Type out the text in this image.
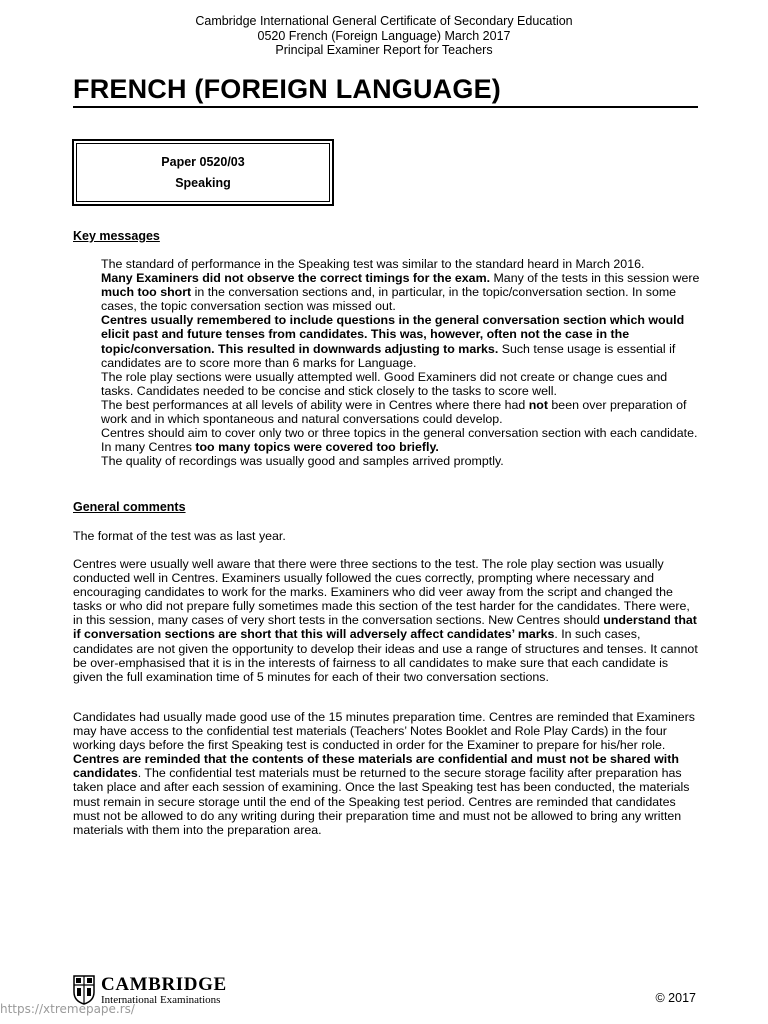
Cambridge International General Certificate of Secondary Education
0520 French (Foreign Language) March 2017
Principal Examiner Report for Teachers
FRENCH (FOREIGN LANGUAGE)
Paper 0520/03
Speaking
Key messages

The standard of performance in the Speaking test was similar to the standard heard in March 2016.

Many Examiners did not observe the correct timings for the exam. Many of the tests in this session were much too short in the conversation sections and, in particular, in the topic/conversation section. In some cases, the topic conversation section was missed out.

Centres usually remembered to include questions in the general conversation section which would elicit past and future tenses from candidates. This was, however, often not the case in the topic/conversation. This resulted in downwards adjusting to marks. Such tense usage is essential if candidates are to score more than 6 marks for Language.

The role play sections were usually attempted well. Good Examiners did not create or change cues and tasks. Candidates needed to be concise and stick closely to the tasks to score well.

The best performances at all levels of ability were in Centres where there had not been over preparation of work and in which spontaneous and natural conversations could develop.

Centres should aim to cover only two or three topics in the general conversation section with each candidate. In many Centres too many topics were covered too briefly.

The quality of recordings was usually good and samples arrived promptly.

General comments

The format of the test was as last year.

Centres were usually well aware that there were three sections to the test. The role play section was usually conducted well in Centres. Examiners usually followed the cues correctly, prompting where necessary and encouraging candidates to work for the marks. Examiners who did veer away from the script and changed the tasks or who did not prepare fully sometimes made this section of the test harder for the candidates. There were, in this session, many cases of very short tests in the conversation sections. New Centres should understand that if conversation sections are short that this will adversely affect candidates’ marks. In such cases, candidates are not given the opportunity to develop their ideas and use a range of structures and tenses. It cannot be over-emphasised that it is in the interests of fairness to all candidates to make sure that each candidate is given the full examination time of 5 minutes for each of their two conversation sections.

Candidates had usually made good use of the 15 minutes preparation time. Centres are reminded that Examiners may have access to the confidential test materials (Teachers’ Notes Booklet and Role Play Cards) in the four working days before the first Speaking test is conducted in order for the Examiner to prepare for his/her role. Centres are reminded that the contents of these materials are confidential and must not be shared with candidates. The confidential test materials must be returned to the secure storage facility after preparation has taken place and after each session of examining. Once the last Speaking test has been conducted, the materials must remain in secure storage until the end of the Speaking test period. Centres are reminded that candidates must not be allowed to do any writing during their preparation time and must not be allowed to bring any written materials with them into the preparation area.

CAMBRIDGE
International Examinations	© 2017
https://xtremepape.rs/
